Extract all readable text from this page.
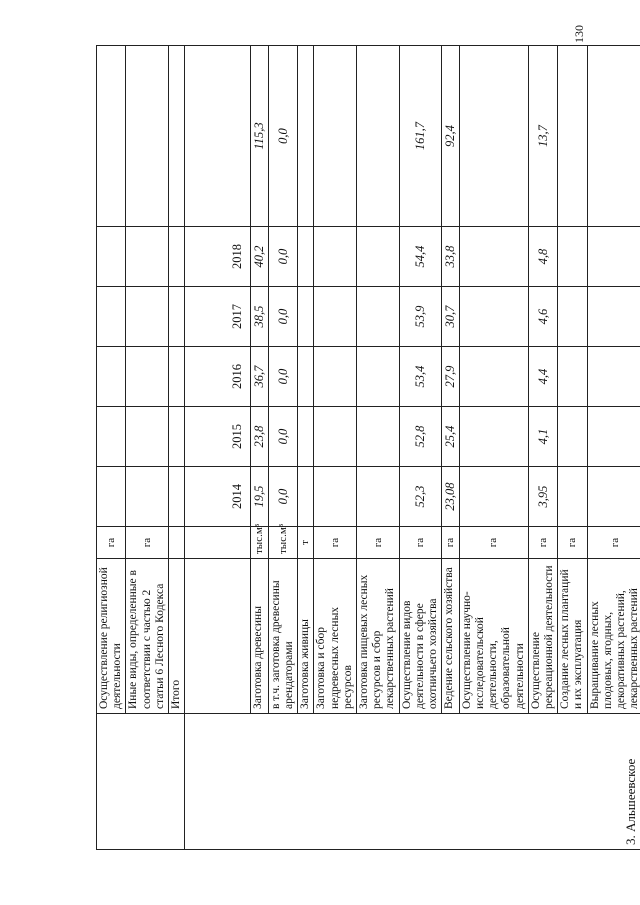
	Осуществление религиозной деятельности	га						
	Иные виды, определенные в соответствии с частью 2 статьи 6 Лесного Кодекса	га						
	Итого							
3. Альшеевское			2014	2015	2016	2017	2018	
	Заготовка древесины	тыс.м³	19,5	23,8	36,7	38,5	40,2	115,3
	в т.ч. заготовка древесины арендаторами	тыс.м³	0,0	0,0	0,0	0,0	0,0	0,0
	Заготовка живицы	т						
	Заготовка и сбор недревесных лесных ресурсов	га						
	Заготовка пищевых лесных ресурсов и сбор лекарственных растений	га						
	Осуществление видов деятельности в сфере охотничьего хозяйства	га	52,3	52,8	53,4	53,9	54,4	161,7
	Ведение сельского хозяйства	га	23,08	25,4	27,9	30,7	33,8	92,4
	Осуществление научно-исследовательской деятельности, образовательной деятельности	га						
	Осуществление рекреационной деятельности	га	3,95	4,1	4,4	4,6	4,8	13,7
	Создание лесных плантаций и их эксплуатация	га						
	Выращивание лесных плодовых, ягодных, декоративных растений, лекарственных растений	га						
130
